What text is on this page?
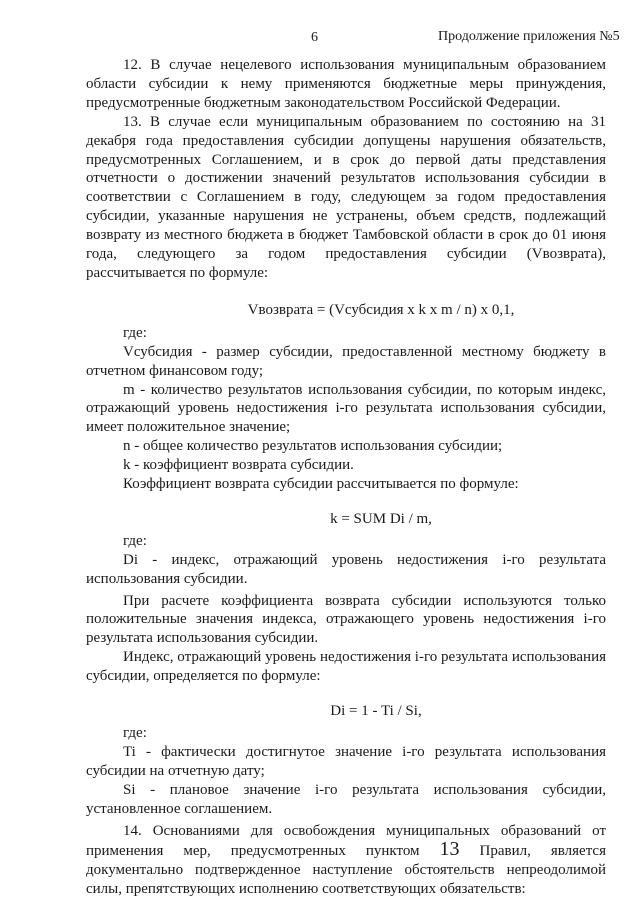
6	Продолжение приложения №5

12. В случае нецелевого использования муниципальным образованием области субсидии к нему применяются бюджетные меры принуждения, предусмотренные бюджетным законодательством Российской Федерации.

13. В случае если муниципальным образованием по состоянию на 31 декабря года предоставления субсидии допущены нарушения обязательств, предусмотренных Соглашением, и в срок до первой даты представления отчетности о достижении значений результатов использования субсидии в соответствии с Соглашением в году, следующем за годом предоставления субсидии, указанные нарушения не устранены, объем средств, подлежащий возврату из местного бюджета в бюджет Тамбовской области в срок до 01 июня года, следующего за годом предоставления субсидии (Vвозврата), рассчитывается по формуле:

Vвозврата = (Vсубсидия x k x m / n) x 0,1,

где:

Vсубсидия - размер субсидии, предоставленной местному бюджету в отчетном финансовом году;

m - количество результатов использования субсидии, по которым индекс, отражающий уровень недостижения i-го результата использования субсидии, имеет положительное значение;

n - общее количество результатов использования субсидии;

k - коэффициент возврата субсидии.

Коэффициент возврата субсидии рассчитывается по формуле:

k = SUM Di / m,

где:

Di - индекс, отражающий уровень недостижения i-го результата использования субсидии.

При расчете коэффициента возврата субсидии используются только положительные значения индекса, отражающего уровень недостижения i-го результата использования субсидии.

Индекс, отражающий уровень недостижения i-го результата использования субсидии, определяется по формуле:

Di = 1 - Ti / Si,

где:

Ti - фактически достигнутое значение i-го результата использования субсидии на отчетную дату;

Si - плановое значение i-го результата использования субсидии, установленное соглашением.

14. Основаниями для освобождения муниципальных образований от применения мер, предусмотренных пунктом 13 Правил, является документально подтвержденное наступление обстоятельств непреодолимой силы, препятствующих исполнению соответствующих обязательств:
